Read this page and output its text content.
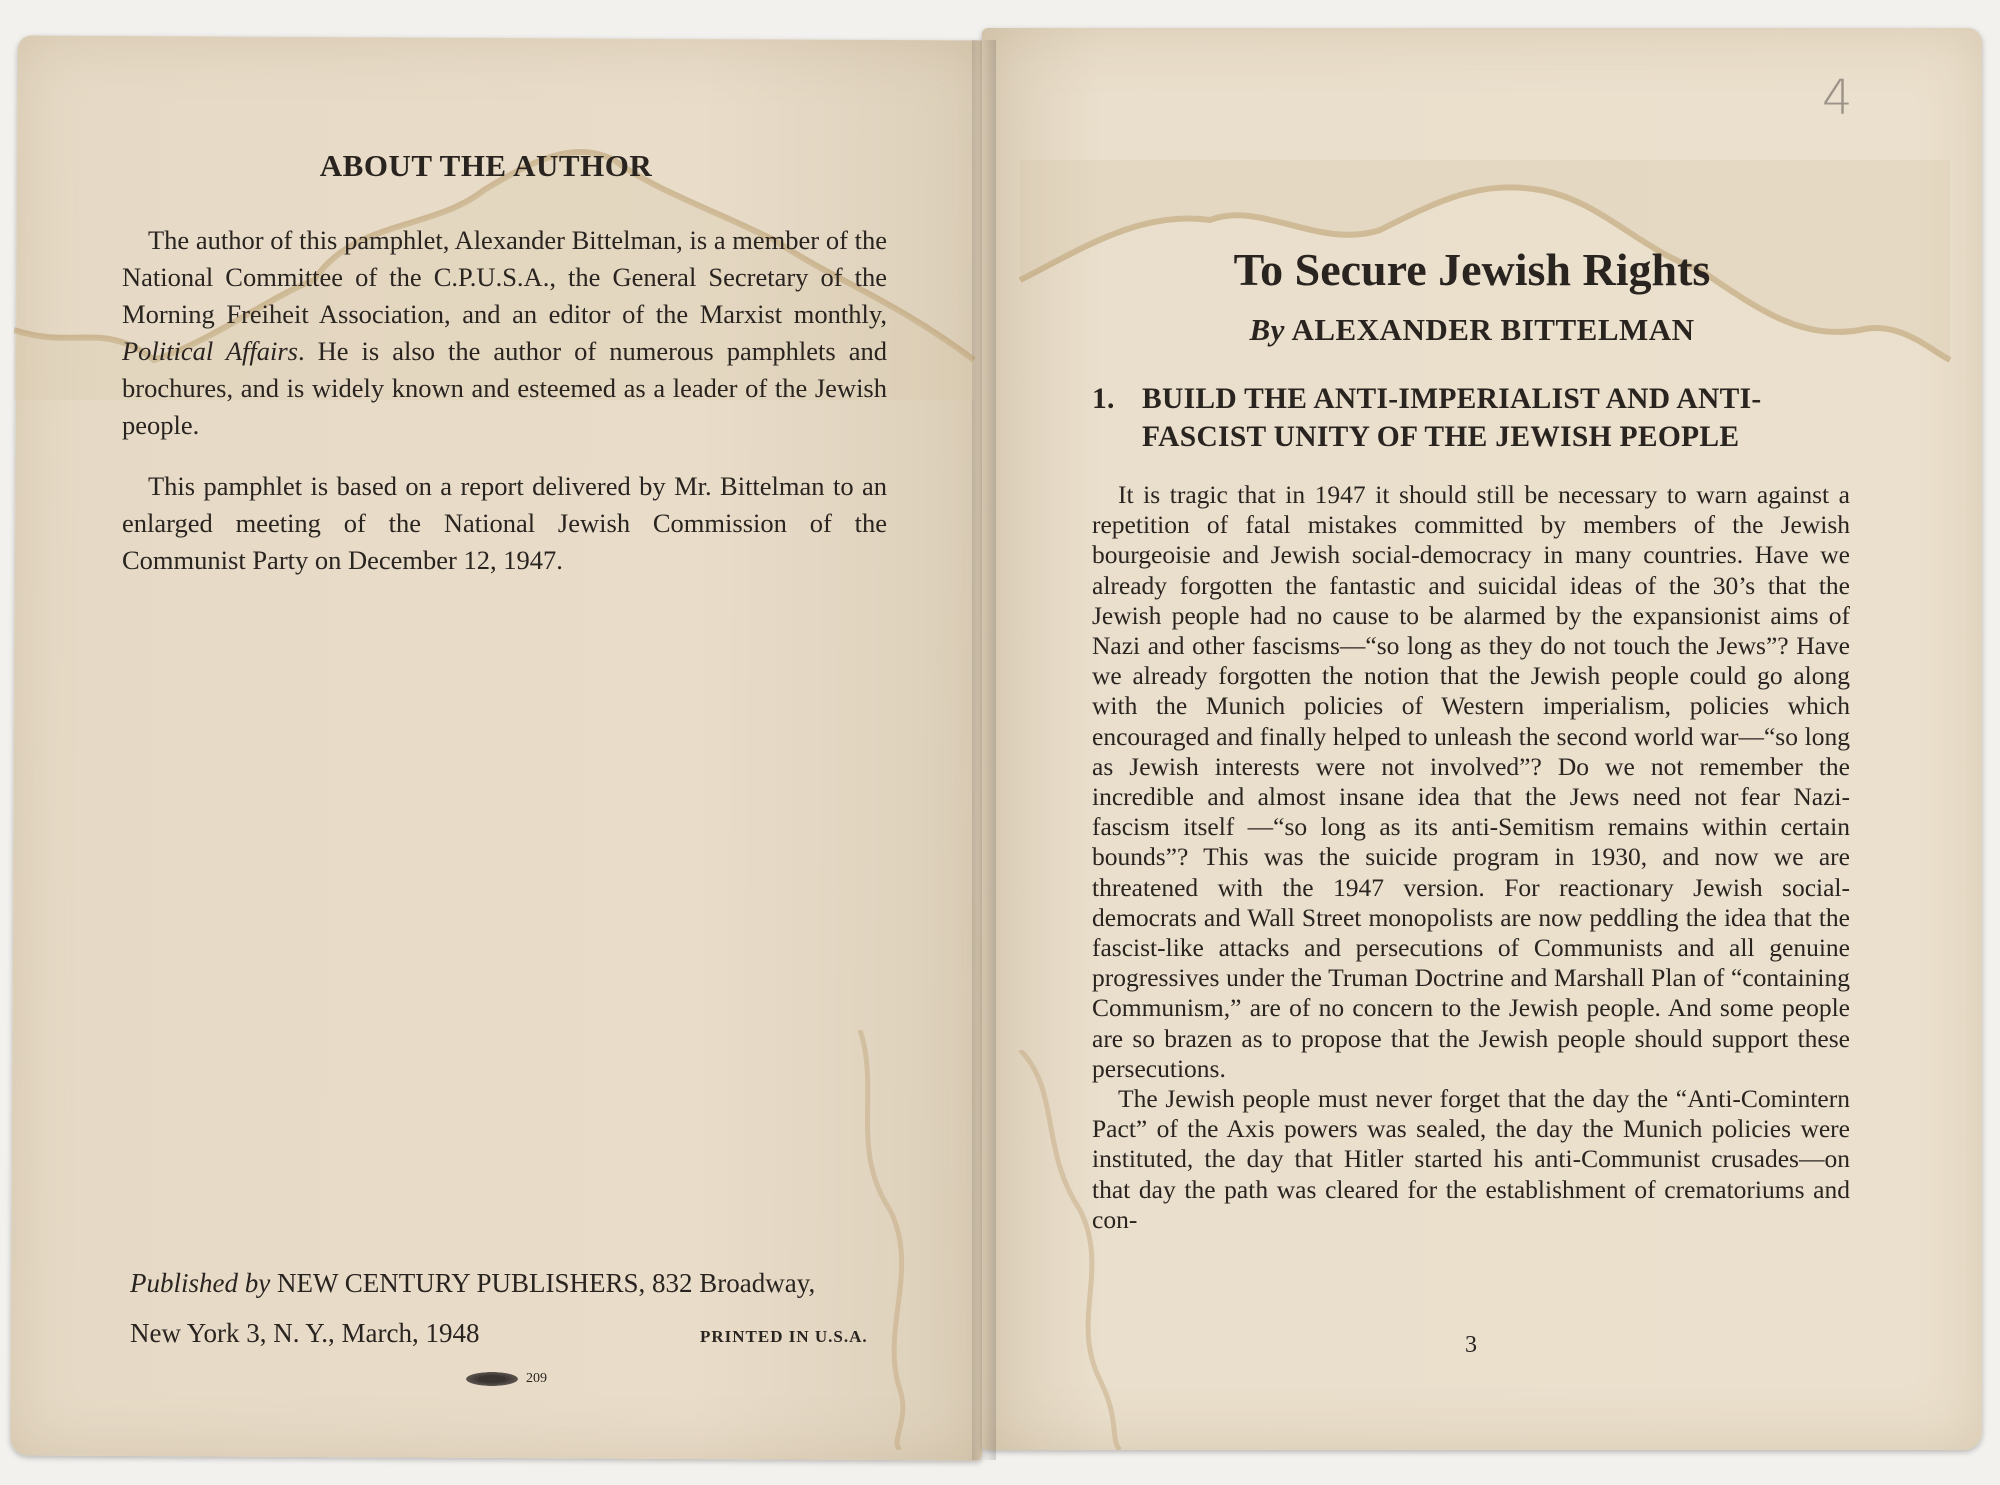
ABOUT THE AUTHOR
The author of this pamphlet, Alexander Bittelman, is a member of the National Committee of the C.P.U.S.A., the General Secretary of the Morning Freiheit Association, and an editor of the Marxist monthly, Political Affairs. He is also the author of numerous pamphlets and brochures, and is widely known and esteemed as a leader of the Jewish people.
This pamphlet is based on a report delivered by Mr. Bittelman to an enlarged meeting of the National Jewish Commission of the Communist Party on December 12, 1947.
Published by NEW CENTURY PUBLISHERS, 832 Broadway,
New York 3, N. Y., March, 1948	PRINTED IN U.S.A.
209
4
To Secure Jewish Rights
By ALEXANDER BITTELMAN
1. BUILD THE ANTI-IMPERIALIST AND ANTI-
FASCIST UNITY OF THE JEWISH PEOPLE

It is tragic that in 1947 it should still be necessary to warn against a repetition of fatal mistakes committed by members of the Jewish bourgeoisie and Jewish social-democracy in many countries. Have we already forgotten the fantastic and suicidal ideas of the 30’s that the Jewish people had no cause to be alarmed by the expansionist aims of Nazi and other fascisms—“so long as they do not touch the Jews”? Have we already forgotten the notion that the Jewish people could go along with the Munich policies of Western imperialism, policies which encouraged and finally helped to unleash the second world war—“so long as Jewish interests were not involved”? Do we not remember the incredible and almost insane idea that the Jews need not fear Nazi-fascism itself —“so long as its anti-Semitism remains within certain bounds”? This was the suicide program in 1930, and now we are threatened with the 1947 version. For reactionary Jewish social-democrats and Wall Street monopolists are now peddling the idea that the fascist-like attacks and persecutions of Communists and all genuine progressives under the Truman Doctrine and Marshall Plan of “containing Communism,” are of no concern to the Jewish people. And some people are so brazen as to propose that the Jewish people should support these persecutions.

The Jewish people must never forget that the day the “Anti-Comintern Pact” of the Axis powers was sealed, the day the Munich policies were instituted, the day that Hitler started his anti-Communist crusades—on that day the path was cleared for the establishment of crematoriums and con-

3
